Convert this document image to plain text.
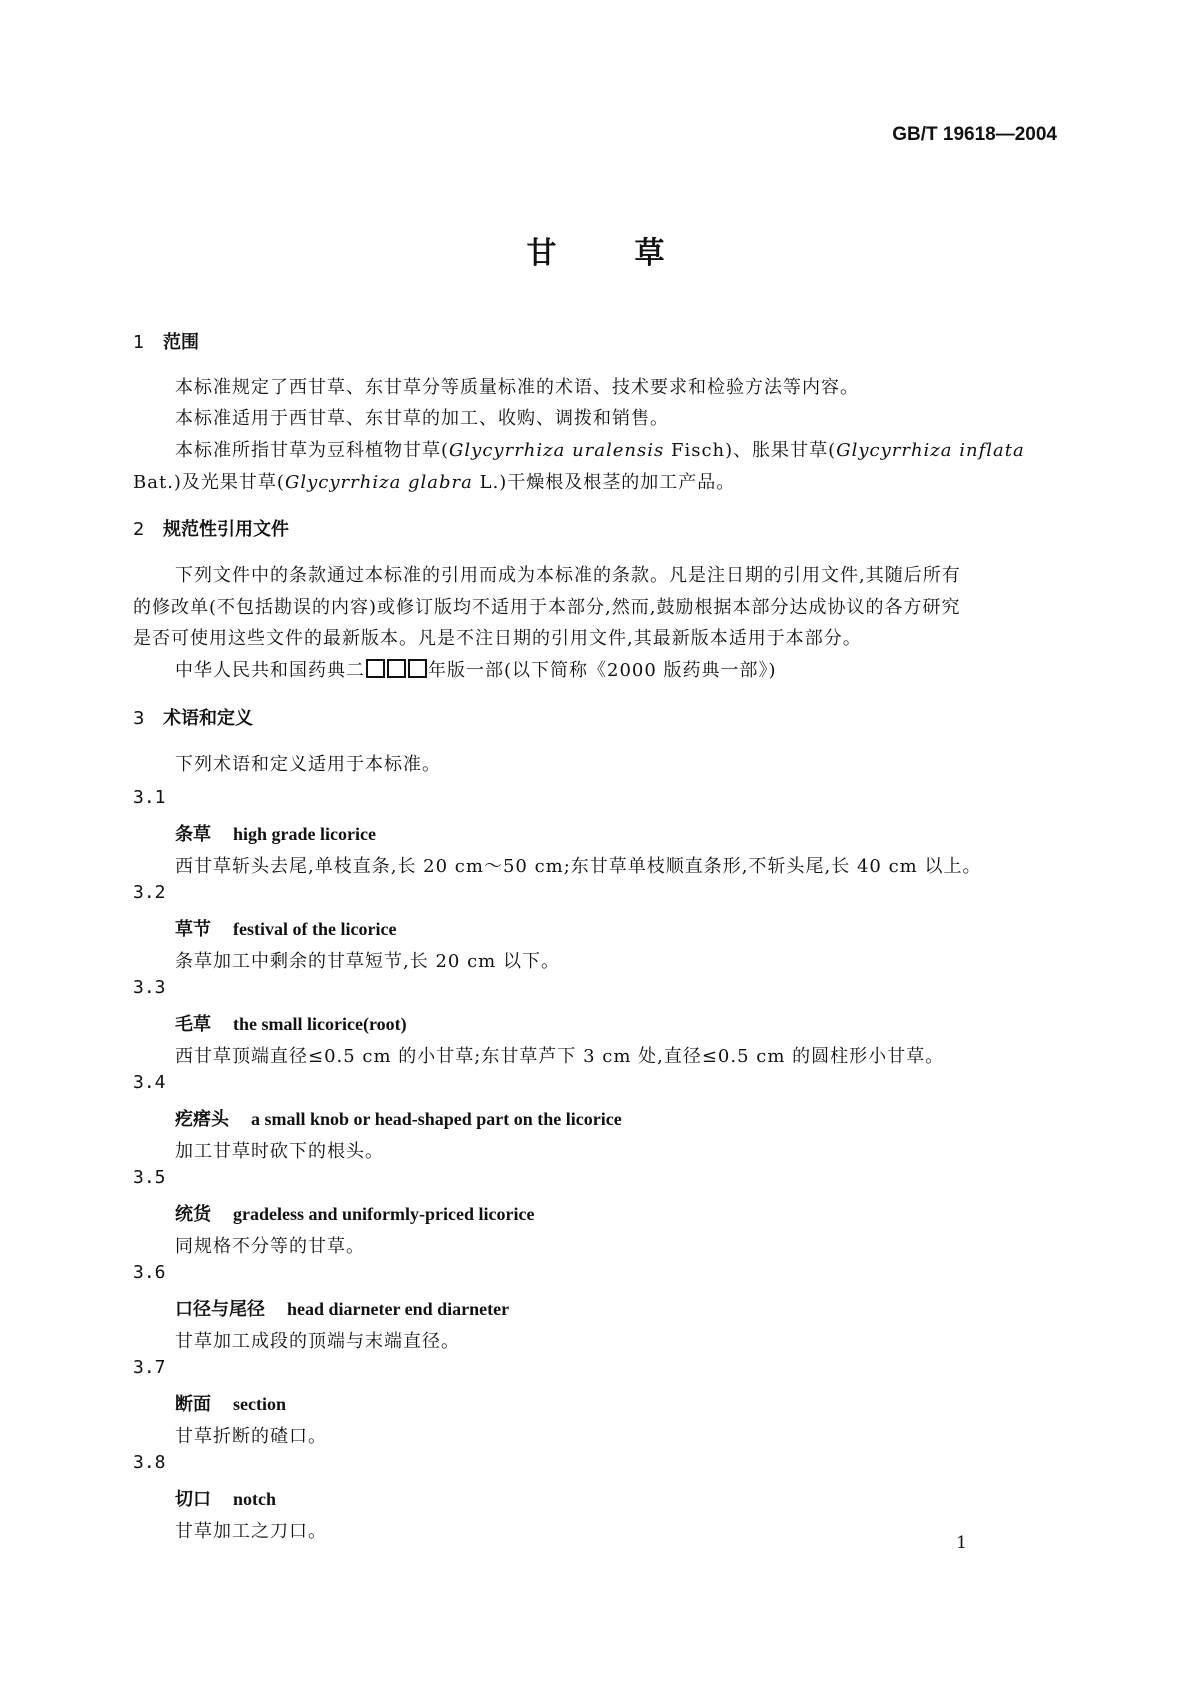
GB/T 19618—2004
甘	草
1 范围
本标准规定了西甘草、东甘草分等质量标准的术语、技术要求和检验方法等内容。
本标准适用于西甘草、东甘草的加工、收购、调拨和销售。
本标准所指甘草为豆科植物甘草(Glycyrrhiza uralensis Fisch)、胀果甘草(Glycyrrhiza inflata
Bat.)及光果甘草(Glycyrrhiza glabra L.)干燥根及根茎的加工产品。
2 规范性引用文件
下列文件中的条款通过本标准的引用而成为本标准的条款。凡是注日期的引用文件,其随后所有
的修改单(不包括勘误的内容)或修订版均不适用于本部分,然而,鼓励根据本部分达成协议的各方研究
是否可使用这些文件的最新版本。凡是不注日期的引用文件,其最新版本适用于本部分。
中华人民共和国药典二	年版一部(以下简称《2000 版药典一部》)
3 术语和定义
下列术语和定义适用于本标准。
3.1
条草 high grade licorice
西甘草斩头去尾,单枝直条,长 20 cm～50 cm;东甘草单枝顺直条形,不斩头尾,长 40 cm 以上。
3.2
草节 festival of the licorice
条草加工中剩余的甘草短节,长 20 cm 以下。
3.3
毛草 the small licorice(root)
西甘草顶端直径≤0.5 cm 的小甘草;东甘草芦下 3 cm 处,直径≤0.5 cm 的圆柱形小甘草。
3.4
疙瘩头 a small knob or head-shaped part on the licorice
加工甘草时砍下的根头。
3.5
统货 gradeless and uniformly-priced licorice
同规格不分等的甘草。
3.6
口径与尾径 head diarneter end diarneter
甘草加工成段的顶端与末端直径。
3.7
断面 section
甘草折断的碴口。
3.8
切口 notch
甘草加工之刀口。
1
